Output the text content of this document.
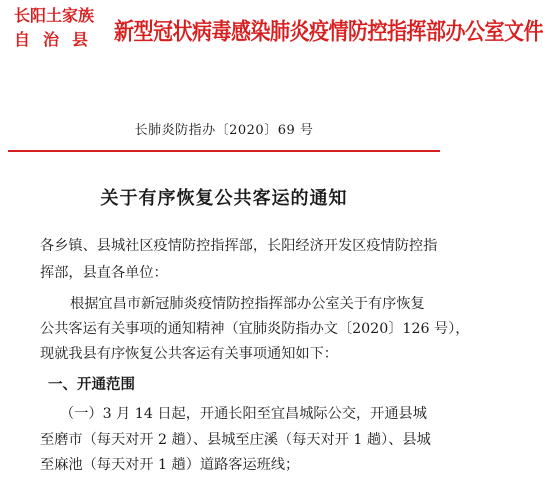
长阳土家族
自治县 新型冠状病毒感染肺炎疫情防控指挥部办公室文件
长肺炎防指办〔2020〕69 号
关于有序恢复公共客运的通知
各乡镇、县城社区疫情防控指挥部，长阳经济开发区疫情防控指
挥部，县直各单位：
根据宜昌市新冠肺炎疫情防控指挥部办公室关于有序恢复
公共客运有关事项的通知精神（宜肺炎防指办文〔2020〕126 号），
现就我县有序恢复公共客运有关事项通知如下：
一、开通范围
（一）3 月 14 日起，开通长阳至宜昌城际公交，开通县城
至磨市（每天对开 2 趟）、县城至庄溪（每天对开 1 趟）、县城
至麻池（每天对开 1 趟）道路客运班线；
